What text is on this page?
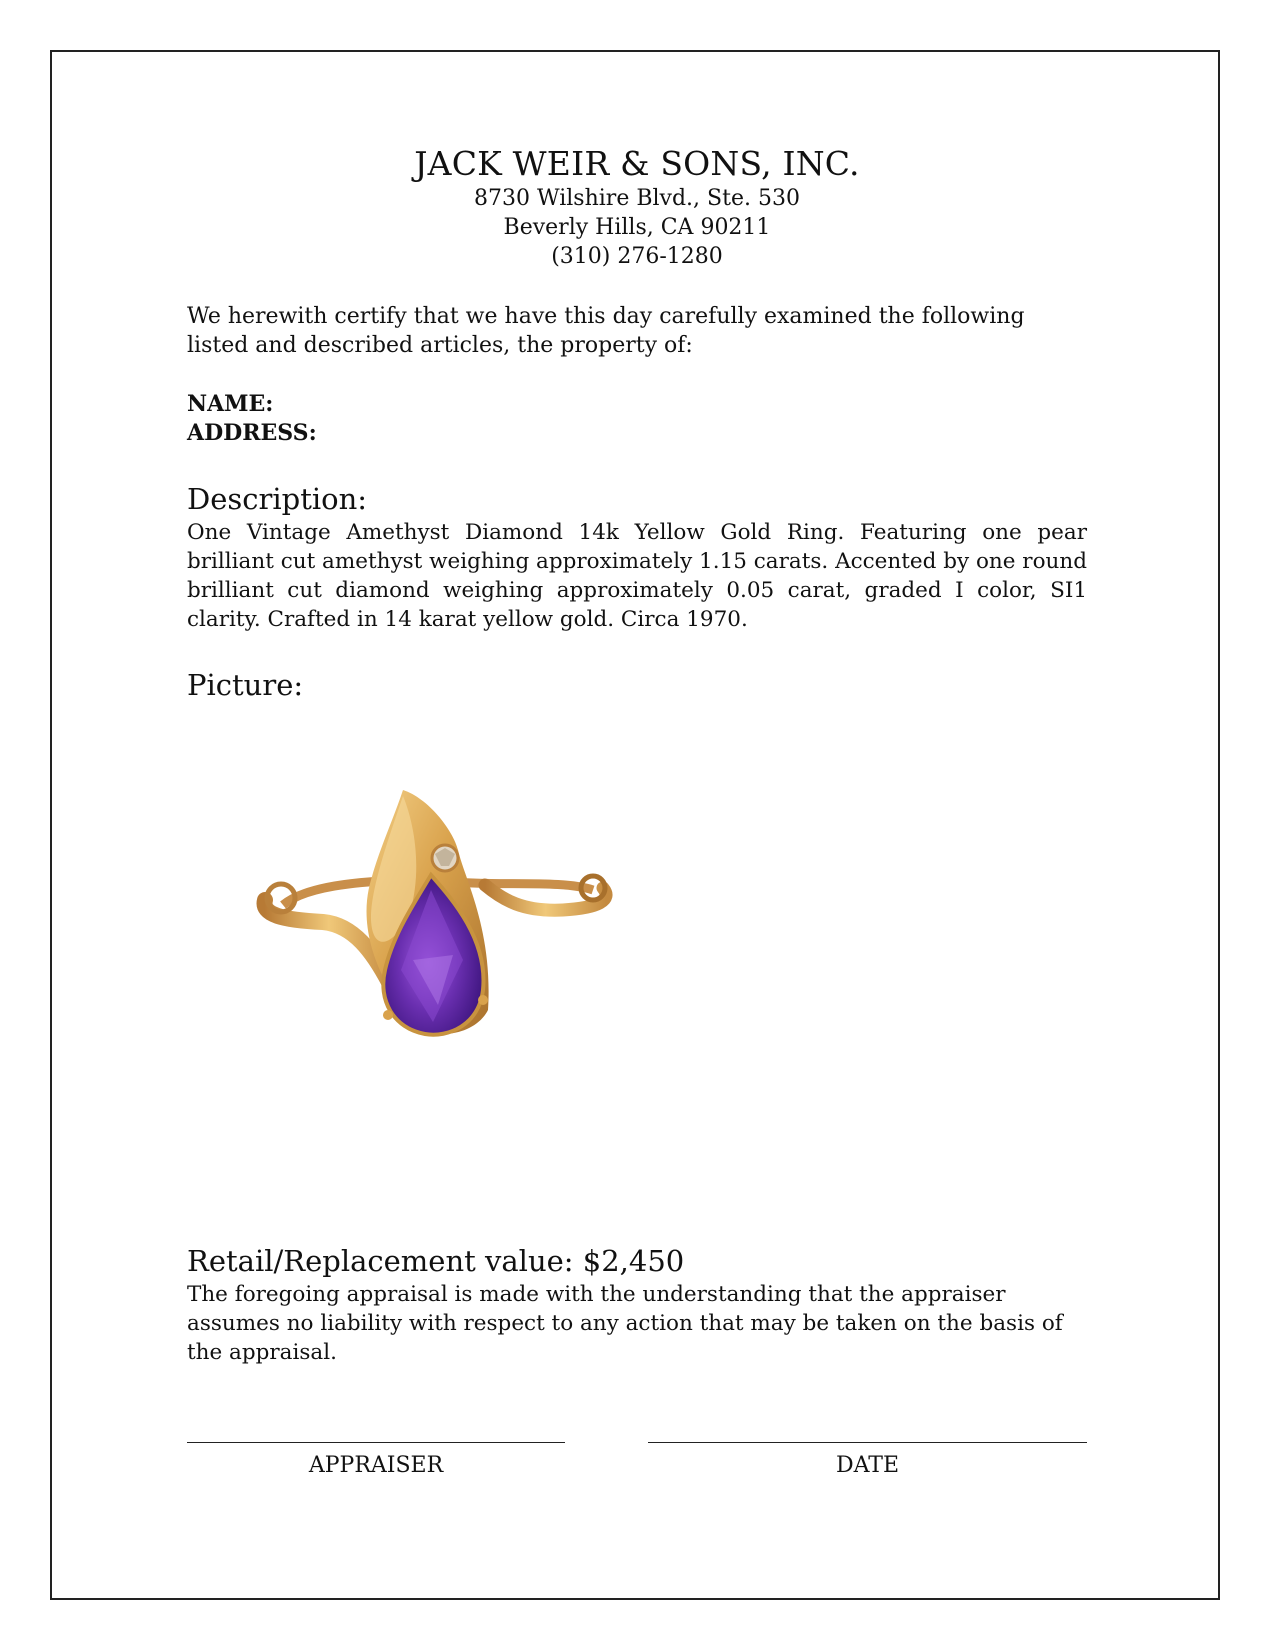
JACK WEIR & SONS, INC.
8730 Wilshire Blvd., Ste. 530
Beverly Hills, CA 90211
(310) 276-1280
We herewith certify that we have this day carefully examined the following listed and described articles, the property of:
NAME:
ADDRESS:
Description:
One Vintage Amethyst Diamond 14k Yellow Gold Ring. Featuring one pear brilliant cut amethyst weighing approximately 1.15 carats. Accented by one round brilliant cut diamond weighing approximately 0.05 carat, graded I color, SI1 clarity. Crafted in 14 karat yellow gold. Circa 1970.
Picture:
Retail/Replacement value: $2,450
The foregoing appraisal is made with the understanding that the appraiser assumes no liability with respect to any action that may be taken on the basis of the appraisal.
APPRAISER	DATE
